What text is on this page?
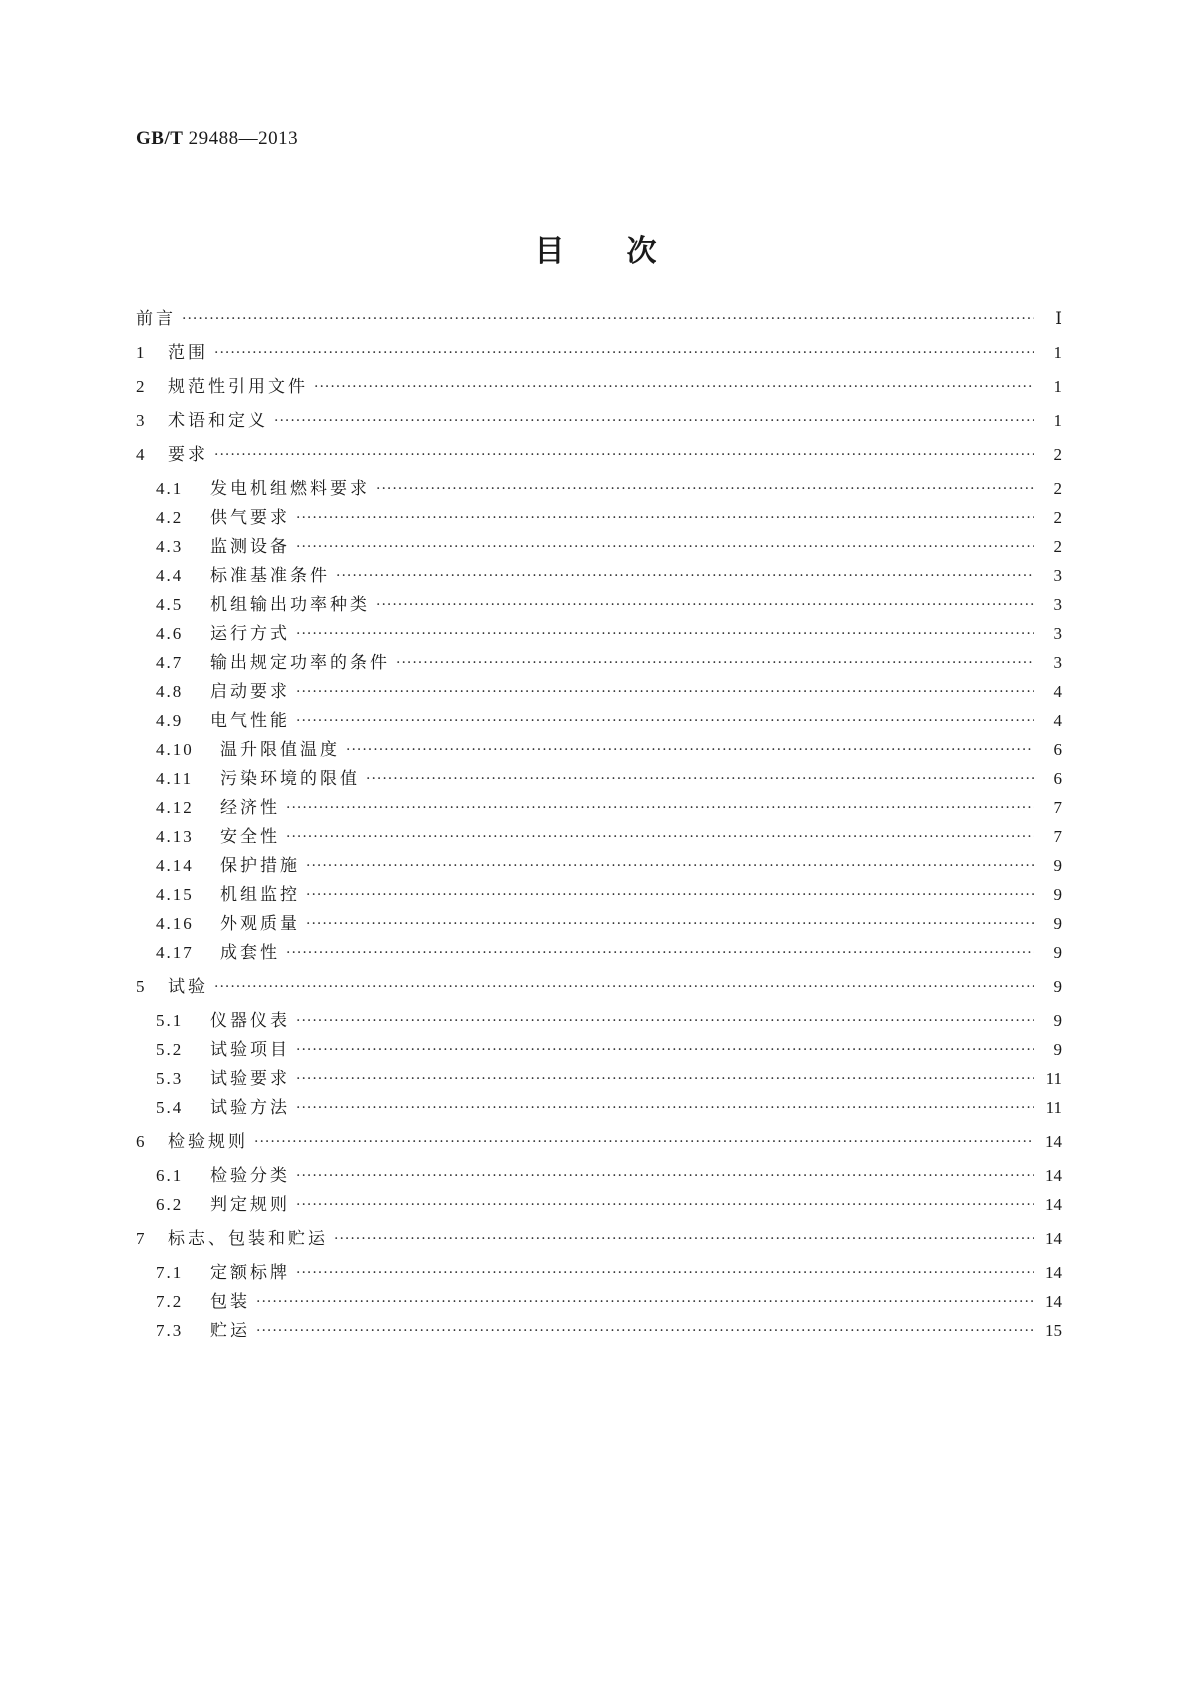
GB/T 29488—2013
目次
前言 ·····	Ⅰ
1	范围 ·····	1
2	规范性引用文件 ·····	1
3	术语和定义 ·····	1
4	要求 ·····	2
4.1	发电机组燃料要求 ·····	2
4.2	供气要求 ·····	2
4.3	监测设备 ·····	2
4.4	标准基准条件 ·····	3
4.5	机组输出功率种类 ·····	3
4.6	运行方式 ·····	3
4.7	输出规定功率的条件 ·····	3
4.8	启动要求 ·····	4
4.9	电气性能 ·····	4
4.10	温升限值温度 ·····	6
4.11	污染环境的限值 ·····	6
4.12	经济性 ·····	7
4.13	安全性 ·····	7
4.14	保护措施 ·····	9
4.15	机组监控 ·····	9
4.16	外观质量 ·····	9
4.17	成套性 ·····	9
5	试验 ·····	9
5.1	仪器仪表 ·····	9
5.2	试验项目 ·····	9
5.3	试验要求 ·····	11
5.4	试验方法 ·····	11
6	检验规则 ·····	14
6.1	检验分类 ·····	14
6.2	判定规则 ·····	14
7	标志、包装和贮运 ·····	14
7.1	定额标牌 ·····	14
7.2	包装 ·····	14
7.3	贮运 ·····	15
